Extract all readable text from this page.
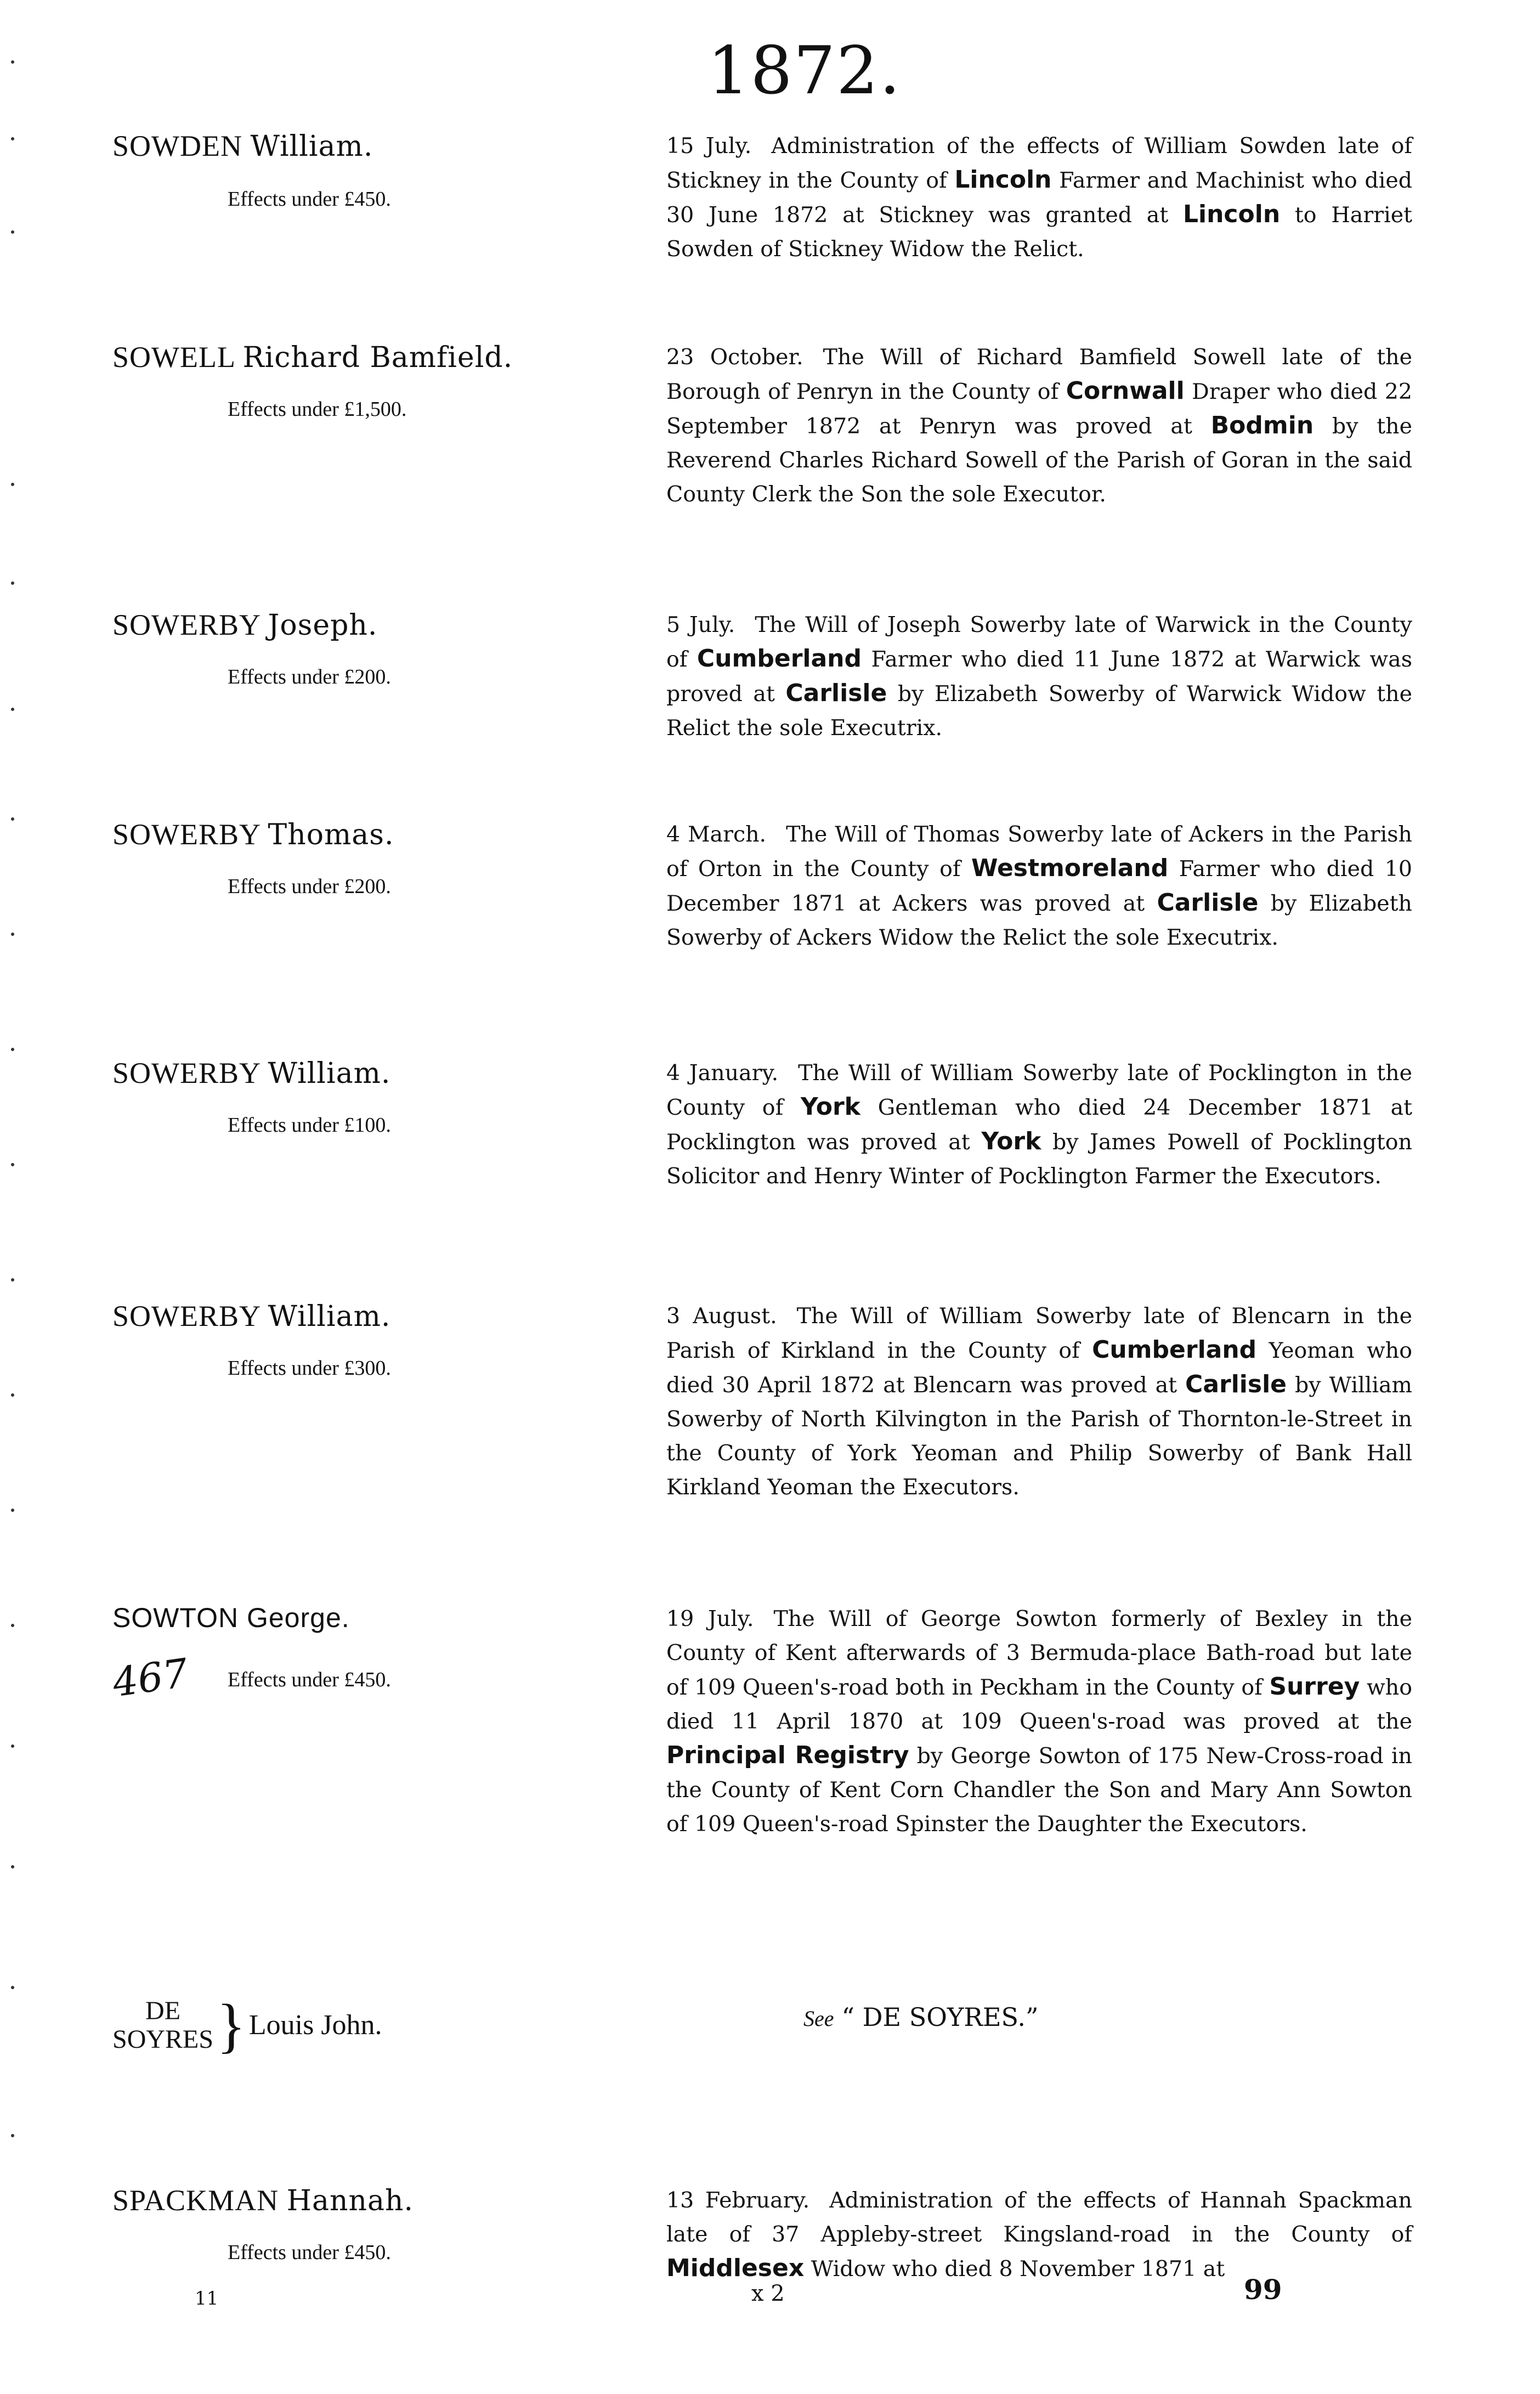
1872.
SOWDEN William.
Effects under £450.
15 July. Administration of the effects of William Sowden late of Stickney in the County of Lincoln Farmer and Machinist who died 30 June 1872 at Stickney was granted at Lincoln to Harriet Sowden of Stickney Widow the Relict.
SOWELL Richard Bamfield.
Effects under £1,500.
23 October. The Will of Richard Bamfield Sowell late of the Borough of Penryn in the County of Cornwall Draper who died 22 September 1872 at Penryn was proved at Bodmin by the Reverend Charles Richard Sowell of the Parish of Goran in the said County Clerk the Son the sole Executor.
SOWERBY Joseph.
Effects under £200.
5 July. The Will of Joseph Sowerby late of Warwick in the County of Cumberland Farmer who died 11 June 1872 at Warwick was proved at Carlisle by Elizabeth Sowerby of Warwick Widow the Relict the sole Executrix.
SOWERBY Thomas.
Effects under £200.
4 March. The Will of Thomas Sowerby late of Ackers in the Parish of Orton in the County of Westmoreland Farmer who died 10 December 1871 at Ackers was proved at Carlisle by Elizabeth Sowerby of Ackers Widow the Relict the sole Executrix.
SOWERBY William.
Effects under £100.
4 January. The Will of William Sowerby late of Pocklington in the County of York Gentleman who died 24 December 1871 at Pocklington was proved at York by James Powell of Pocklington Solicitor and Henry Winter of Pocklington Farmer the Executors.
SOWERBY William.
Effects under £300.
3 August. The Will of William Sowerby late of Blencarn in the Parish of Kirkland in the County of Cumberland Yeoman who died 30 April 1872 at Blencarn was proved at Carlisle by William Sowerby of North Kilvington in the Parish of Thornton-le-Street in the County of York Yeoman and Philip Sowerby of Bank Hall Kirkland Yeoman the Executors.
SOWTON George.
Effects under £450.
19 July. The Will of George Sowton formerly of Bexley in the County of Kent afterwards of 3 Bermuda-place Bath-road but late of 109 Queen's-road both in Peckham in the County of Surrey who died 11 April 1870 at 109 Queen's-road was proved at the Principal Registry by George Sowton of 175 New-Cross-road in the County of Kent Corn Chandler the Son and Mary Ann Sowton of 109 Queen's-road Spinster the Daughter the Executors.
467
DE
SOYRES} Louis John.	See “ DE SOYRES.”
SPACKMAN Hannah.
Effects under £450.
13 February. Administration of the effects of Hannah Spackman late of 37 Appleby-street Kingsland-road in the County of Middlesex Widow who died 8 November 1871 at
11	x 2	99
